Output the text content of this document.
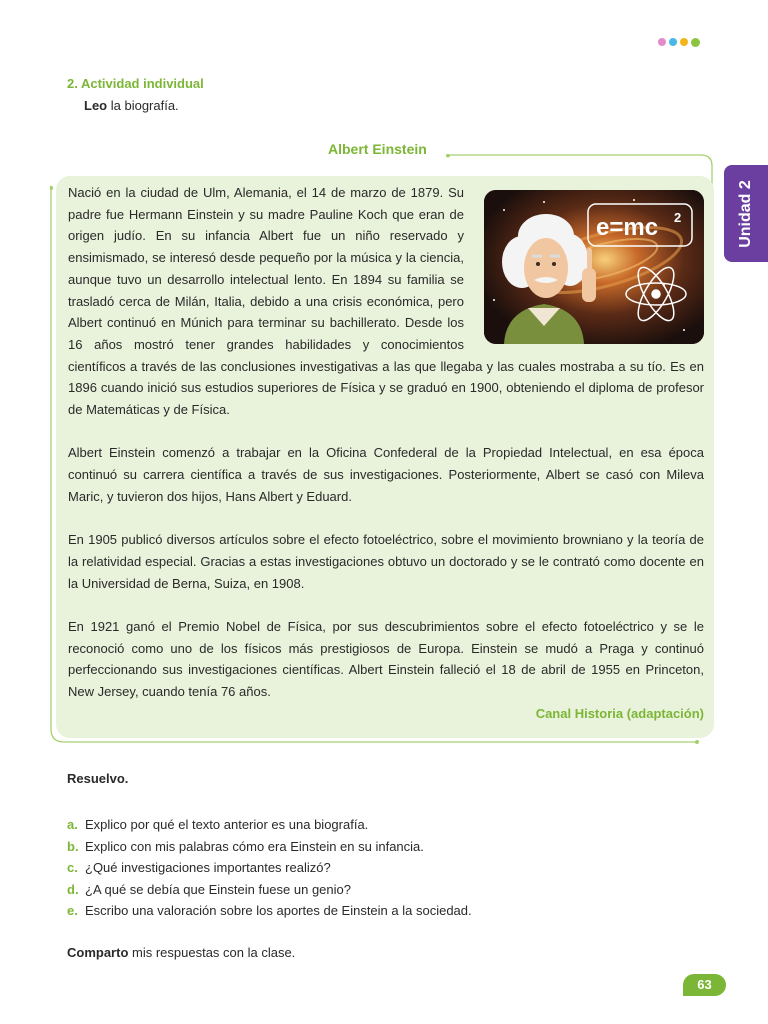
Unidad 2
2. Actividad individual
Leo la biografía.
Albert Einstein
e=mc 2

Nació en la ciudad de Ulm, Alemania, el 14 de marzo de 1879. Su padre fue Hermann Einstein y su madre Pauline Koch que eran de origen judío. En su infancia Albert fue un niño reservado y ensimismado, se interesó desde pequeño por la música y la ciencia, aunque tuvo un desarrollo intelectual lento. En 1894 su familia se trasladó cerca de Milán, Italia, debido a una crisis económica, pero Albert continuó en Múnich para terminar su bachillerato. Desde los 16 años mostró tener grandes habilidades y conocimientos científicos a través de las conclusiones investigativas a las que llegaba y las cuales mostraba a su tío. Es en 1896 cuando inició sus estudios superiores de Física y se graduó en 1900, obteniendo el diploma de profesor de Matemáticas y de Física.

Albert Einstein comenzó a trabajar en la Oficina Confederal de la Propiedad Intelectual, en esa época continuó su carrera científica a través de sus investigaciones. Posteriormente, Albert se casó con Mileva Maric, y tuvieron dos hijos, Hans Albert y Eduard.

En 1905 publicó diversos artículos sobre el efecto fotoeléctrico, sobre el movimiento browniano y la teoría de la relatividad especial. Gracias a estas investigaciones obtuvo un doctorado y se le contrató como docente en la Universidad de Berna, Suiza, en 1908.

En 1921 ganó el Premio Nobel de Física, por sus descubrimientos sobre el efecto fotoeléctrico y se le reconoció como uno de los físicos más prestigiosos de Europa. Einstein se mudó a Praga y continuó perfeccionando sus investigaciones científicas. Albert Einstein falleció el 18 de abril de 1955 en Princeton, New Jersey, cuando tenía 76 años.

Canal Historia (adaptación)
Resuelvo.
a. Explico por qué el texto anterior es una biografía.
b. Explico con mis palabras cómo era Einstein en su infancia.
c. ¿Qué investigaciones importantes realizó?
d. ¿A qué se debía que Einstein fuese un genio?
e. Escribo una valoración sobre los aportes de Einstein a la sociedad.
Comparto mis respuestas con la clase.
63
